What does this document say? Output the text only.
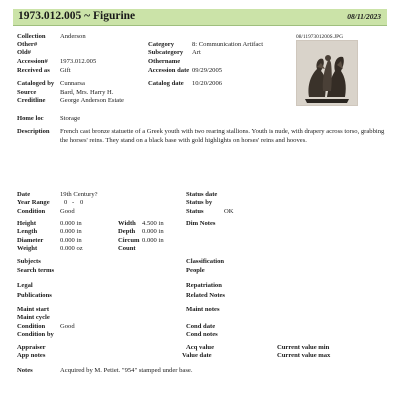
1973.012.005 ~ Figurine	08/11/2023
08/1197301200S.JPG
Collection Anderson
Other#
Old#
Accession# 1973.012.005
Received as Gift
Category	8: Communication Artifact
Subcategory Art
Othername
Accession date 09/29/2005
Cataloged by Cunnarsa
Source	Bard, Mrs. Harry H.
Creditline George Anderson Estate
Catalog date 10/20/2006
Home loc Storage
Description French cast bronze statuette of a Greek youth with two rearing stallions. Youth is nude, with drapery across torso, grabbing the horses' reins. They stand on a black base with gold highlights on horses' reins and hooves.
Date	19th Century?
Year Range 0 - 0
Condition Good
Status date
Status by
Status	OK
Height	0.000 in
Length	0.000 in
Diameter	0.000 in
Weight	0.000 oz
Width 4.500 in
Depth 0.000 in
Circum 0.000 in
Count
Dim Notes
Subjects
Search terms
Classification
People
Legal
Publications
Repatriation
Related Notes
Maint start
Maint cycle
Condition Good
Condition by
Maint notes
Cond date
Cond notes
Appraiser
App notes
Acq value
Value date
Current value min
Current value max
Notes	Acquired by M. Petiet. "954" stamped under base.
